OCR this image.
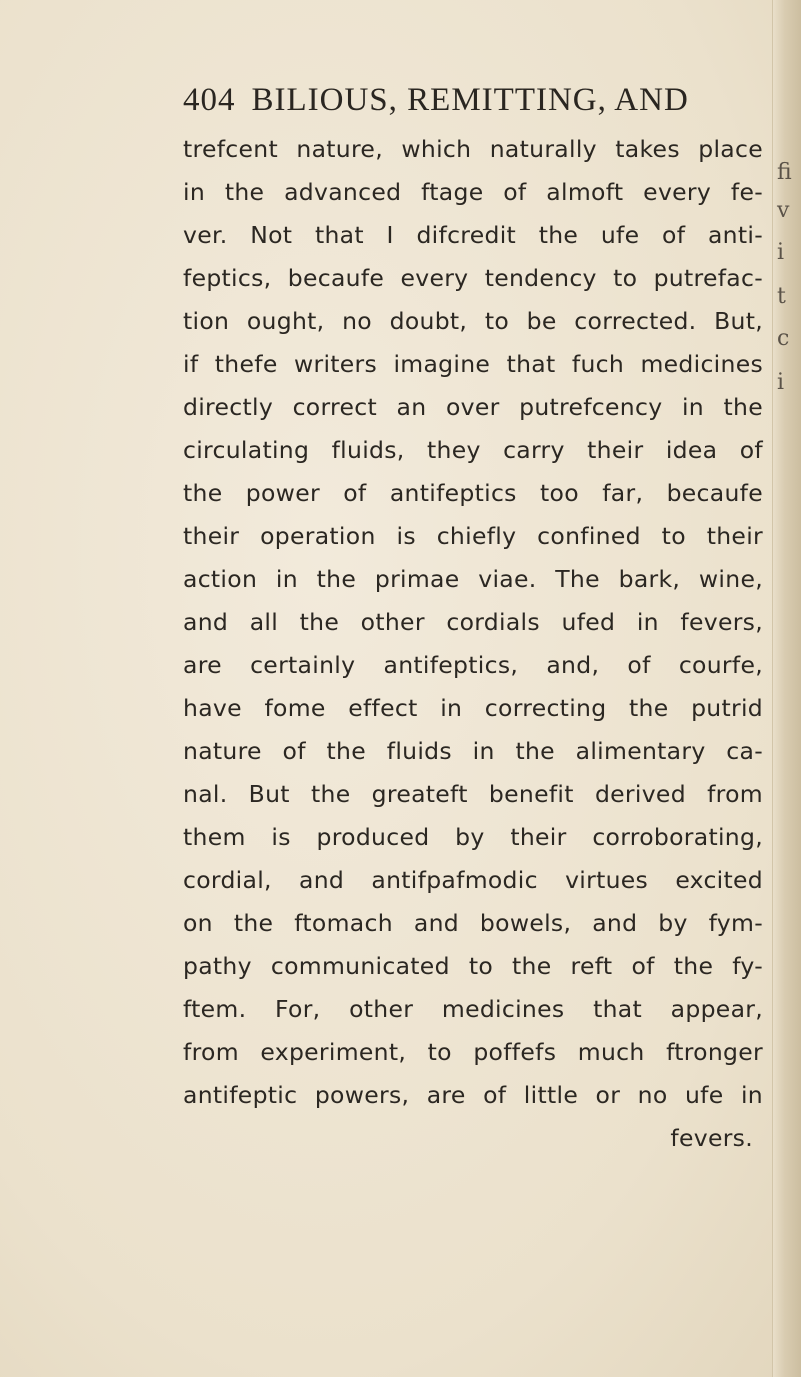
404 BILIOUS, REMITTING, AND
trefcent nature, which naturally takes place
in the advanced ftage of almoft every fe-
ver. Not that I difcredit the ufe of anti-
feptics, becaufe every tendency to putrefac-
tion ought, no doubt, to be corrected. But,
if thefe writers imagine that fuch medicines
directly correct an over putrefcency in the
circulating fluids, they carry their idea of
the power of antifeptics too far, becaufe
their operation is chiefly confined to their
action in the primae viae. The bark, wine,
and all the other cordials ufed in fevers,
are certainly antifeptics, and, of courfe,
have fome effect in correcting the putrid
nature of the fluids in the alimentary ca-
nal. But the greateft benefit derived from
them is produced by their corroborating,
cordial, and antifpafmodic virtues excited
on the ftomach and bowels, and by fym-
pathy communicated to the reft of the fy-
ftem. For, other medicines that appear,
from experiment, to poffefs much ftronger
antifeptic powers, are of little or no ufe in
fevers.
fi
v
i
t
c
i
